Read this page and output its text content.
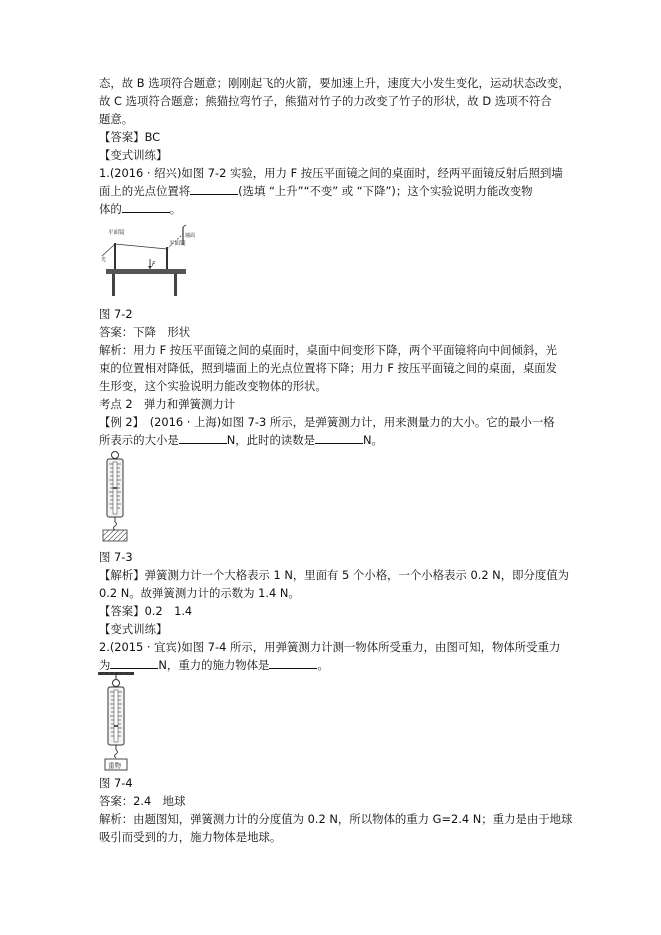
态，故 B 选项符合题意；刚刚起飞的火箭，要加速上升，速度大小发生变化，运动状态改变，
故 C 选项符合题意；熊猫拉弯竹子，熊猫对竹子的力改变了竹子的形状，故 D 选项不符合
题意。
【答案】BC
【变式训练】
1.(2016 · 绍兴)如图 7-2 实验，用力 F 按压平面镜之间的桌面时，经两平面镜反射后照到墙
面上的光点位置将	(选填 “上升”“不变” 或 “下降”)；这个实验说明力能改变物
体的	。
平面镜
平面镜
墙面
F
光
图 7-2
答案：下降　形状
解析：用力 F 按压平面镜之间的桌面时，桌面中间变形下降，两个平面镜将向中间倾斜，光
束的位置相对降低，照到墙面上的光点位置将下降；用力 F 按压平面镜之间的桌面，桌面发
生形变，这个实验说明力能改变物体的形状。
考点 2　弹力和弹簧测力计
【例 2】　(2016 · 上海)如图 7-3 所示，是弹簧测力计，用来测量力的大小。它的最小一格
所表示的大小是	N，此时的读数是	N。
图 7-3
【解析】弹簧测力计一个大格表示 1 N，里面有 5 个小格，一个小格表示 0.2 N，即分度值为
0.2 N。故弹簧测力计的示数为 1.4 N。
【答案】0.2　1.4
【变式训练】
2.(2015 · 宜宾)如图 7-4 所示，用弹簧测力计测一物体所受重力，由图可知，物体所受重力
为	N，重力的施力物体是	。
重物
图 7-4
答案：2.4　地球
解析：由题图知，弹簧测力计的分度值为 0.2 N，所以物体的重力 G=2.4 N；重力是由于地球
吸引而受到的力，施力物体是地球。
